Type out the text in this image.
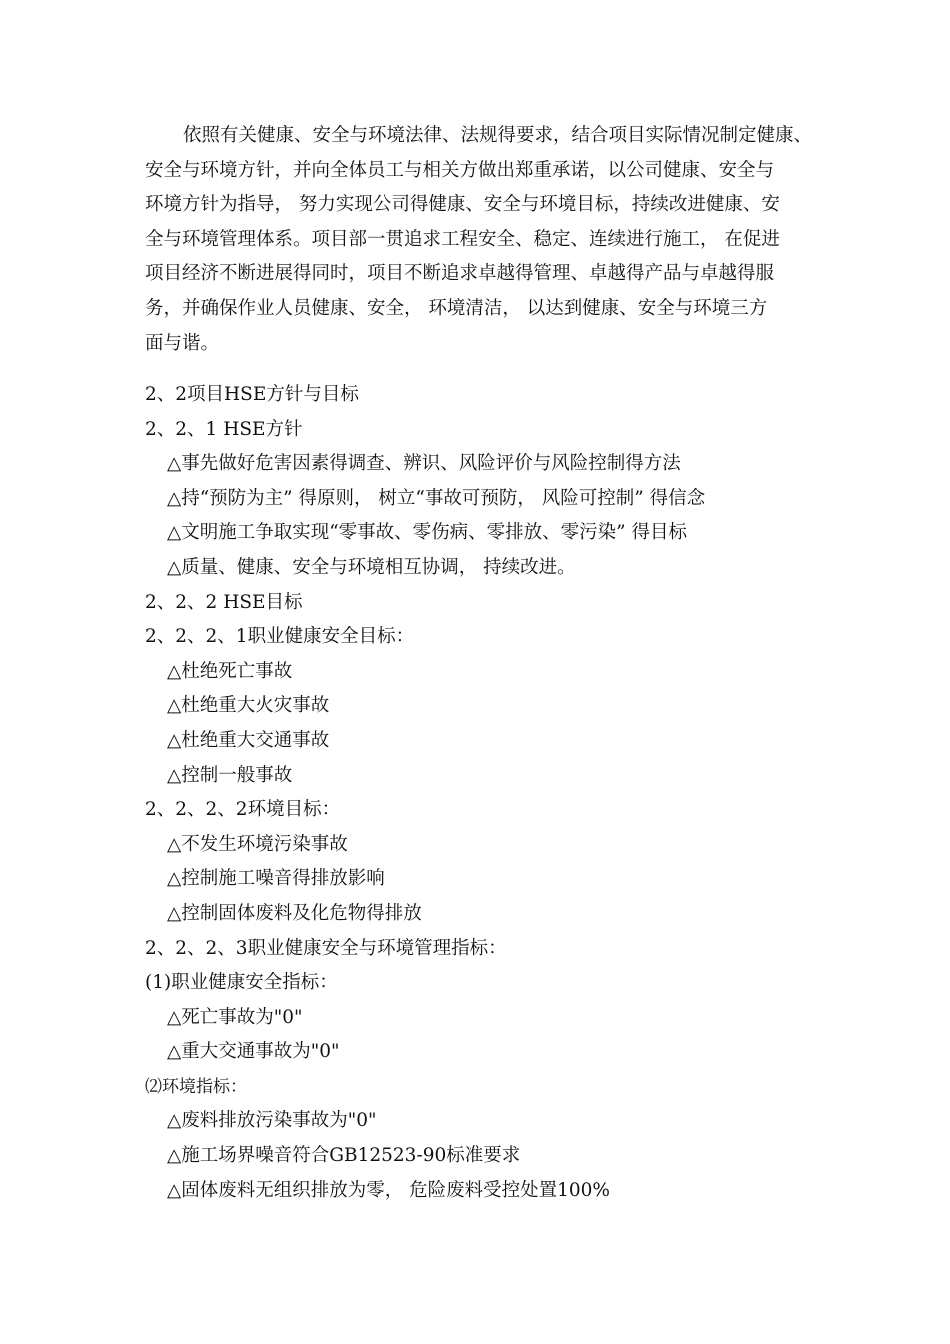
依照有关健康、安全与环境法律、法规得要求，结合项目实际情况制定健康、
安全与环境方针，并向全体员工与相关方做出郑重承诺，以公司健康、安全与
环境方针为指导， 努力实现公司得健康、安全与环境目标，持续改进健康、安
全与环境管理体系。项目部一贯追求工程安全、稳定、连续进行施工， 在促进
项目经济不断进展得同时，项目不断追求卓越得管理、卓越得产品与卓越得服
务，并确保作业人员健康、安全， 环境清洁， 以达到健康、安全与环境三方
面与谐。
2、2项目HSE方针与目标
2、2、1 HSE方针
△事先做好危害因素得调查、辨识、风险评价与风险控制得方法
△持“预防为主” 得原则， 树立“事故可预防， 风险可控制” 得信念
△文明施工争取实现“零事故、零伤病、零排放、零污染” 得目标
△质量、健康、安全与环境相互协调， 持续改进。
2、2、2 HSE目标
2、2、2、1职业健康安全目标：
△杜绝死亡事故
△杜绝重大火灾事故
△杜绝重大交通事故
△控制一般事故
2、2、2、2环境目标：
△不发生环境污染事故
△控制施工噪音得排放影响
△控制固体废料及化危物得排放
2、2、2、3职业健康安全与环境管理指标：
(1)职业健康安全指标：
△死亡事故为"0"
△重大交通事故为"0"
⑵环境指标：
△废料排放污染事故为"0"
△施工场界噪音符合GB12523-90标准要求
△固体废料无组织排放为零， 危险废料受控处置100%
